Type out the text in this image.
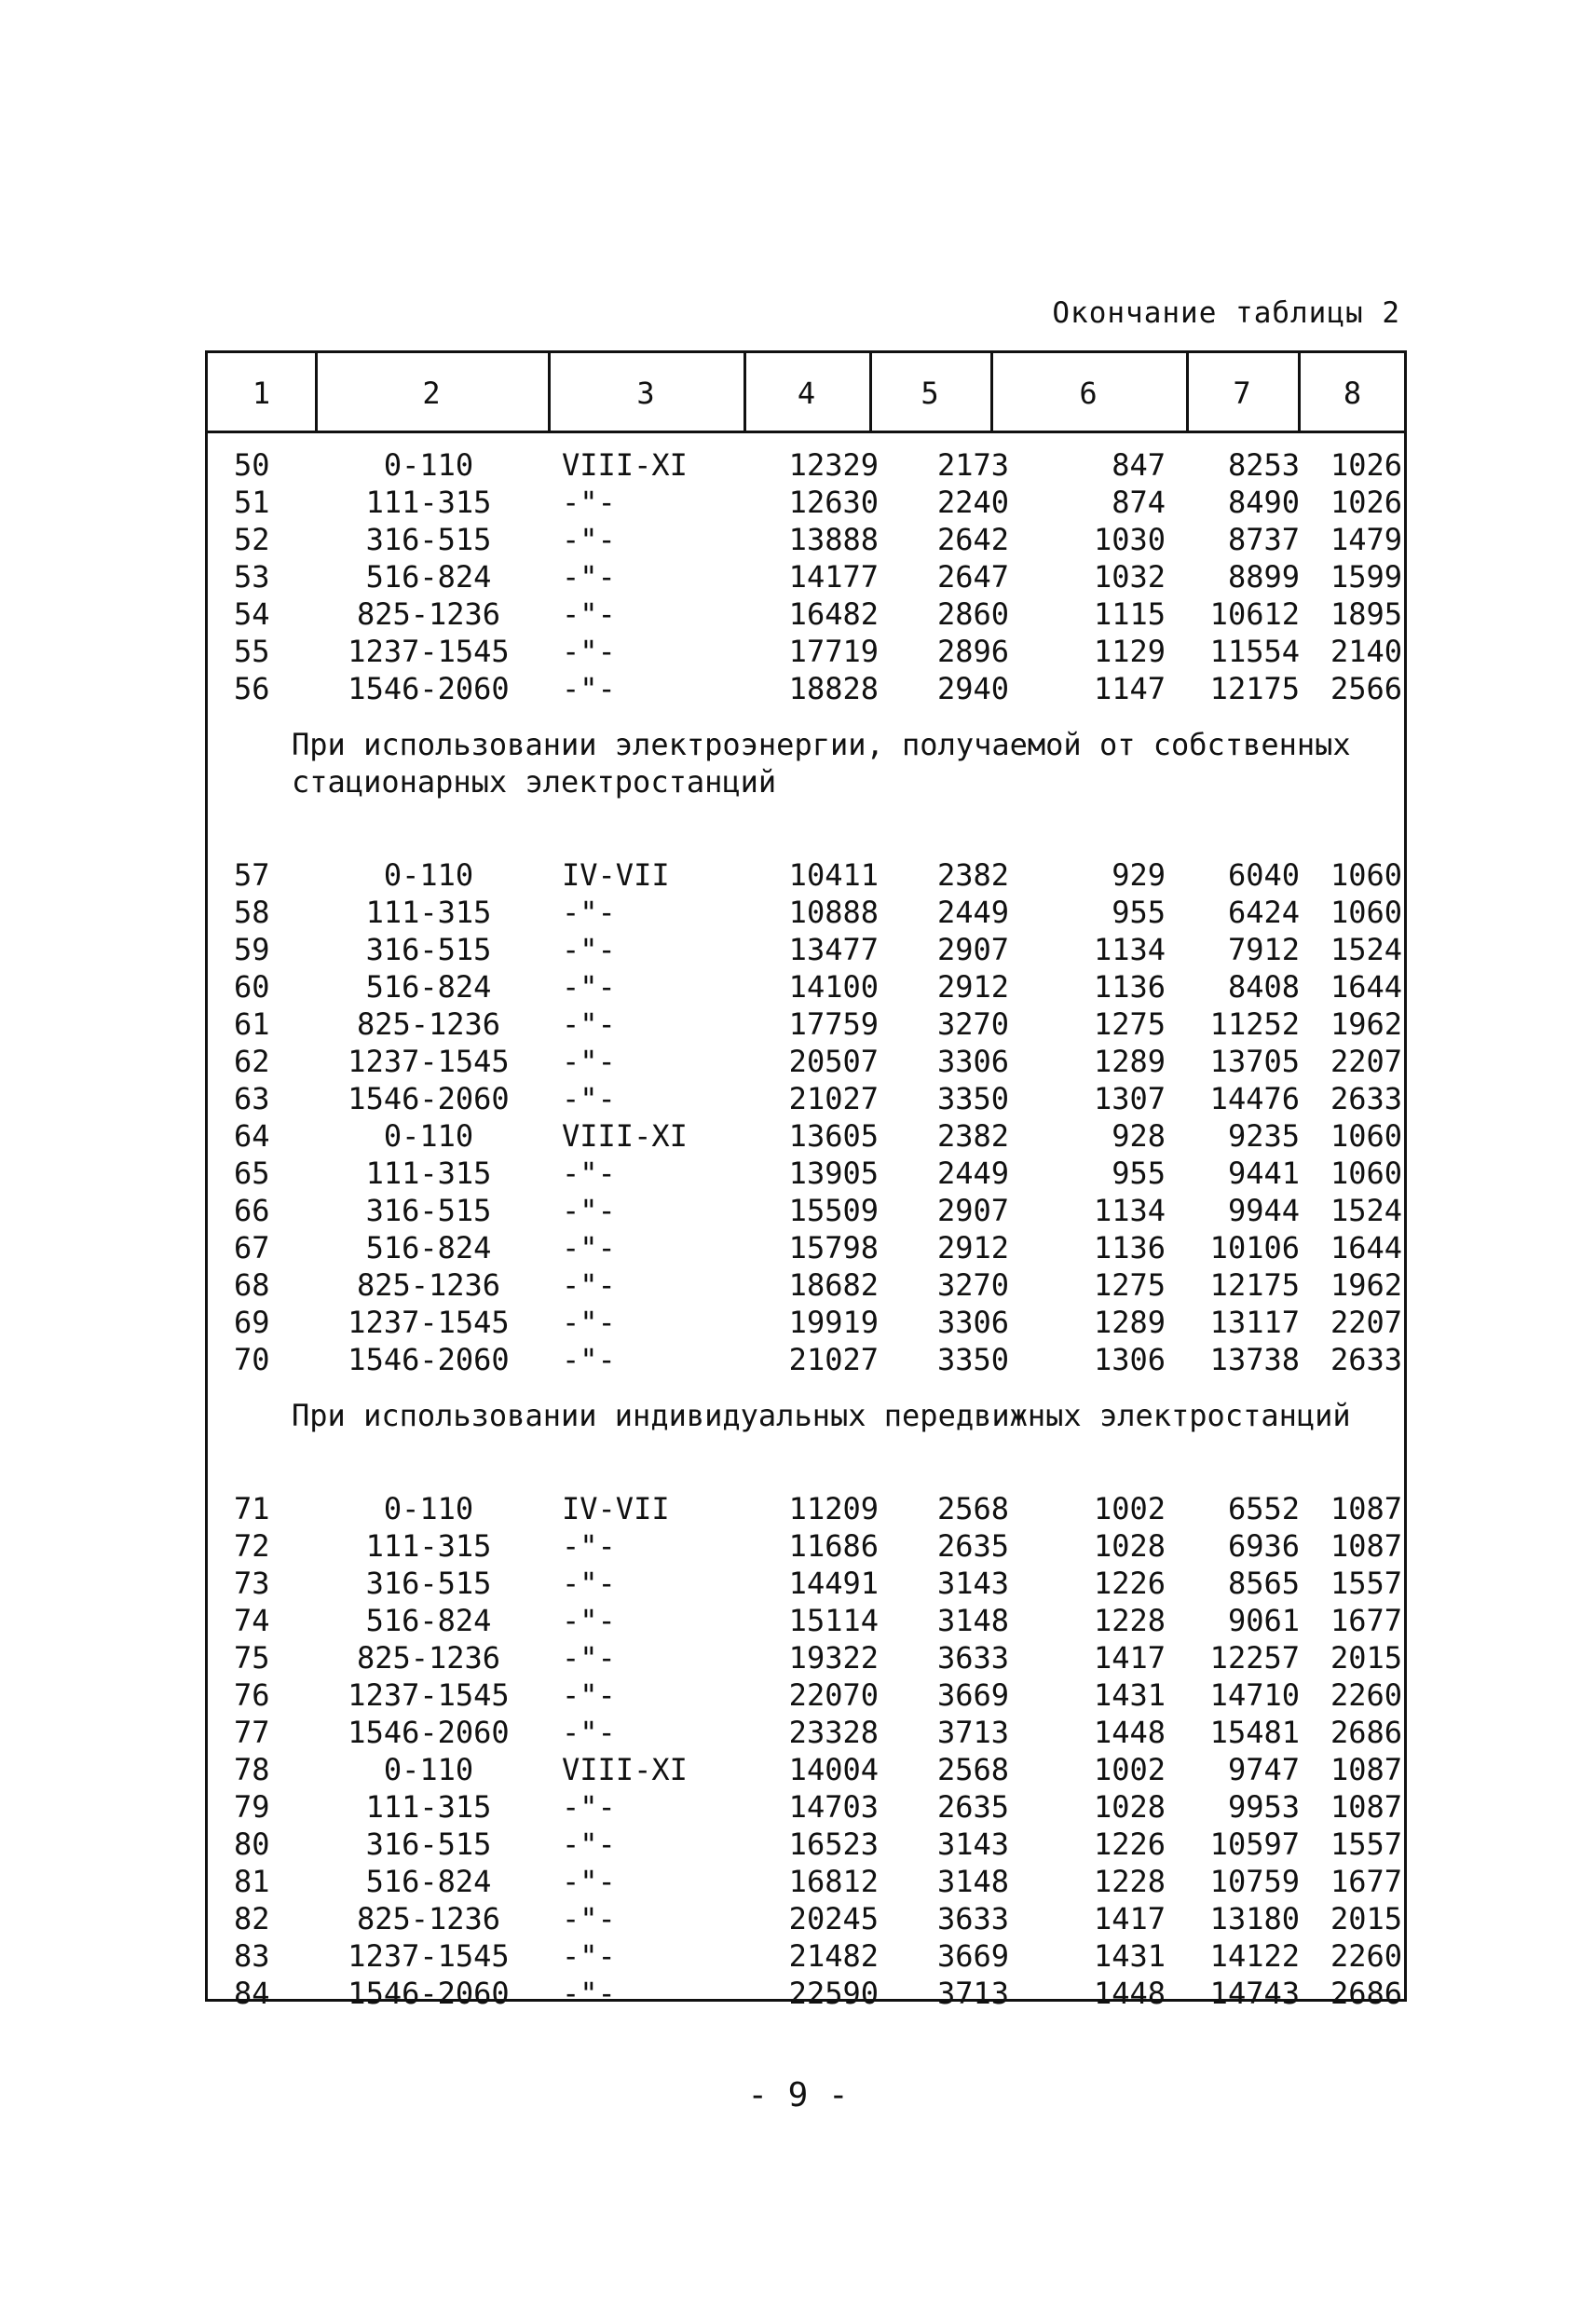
Окончание таблицы 2
1	2	3	4	5	6	7	8
50	0-110	VIII-XI	12329	2173	847	8253	1026
51	111-315	-"-	12630	2240	874	8490	1026
52	316-515	-"-	13888	2642	1030	8737	1479
53	516-824	-"-	14177	2647	1032	8899	1599
54	825-1236	-"-	16482	2860	1115	10612	1895
55	1237-1545	-"-	17719	2896	1129	11554	2140
56	1546-2060	-"-	18828	2940	1147	12175	2566
При использовании электроэнергии, получаемой от собственных стационарных электростанций
57	0-110	IV-VII	10411	2382	929	6040	1060
58	111-315	-"-	10888	2449	955	6424	1060
59	316-515	-"-	13477	2907	1134	7912	1524
60	516-824	-"-	14100	2912	1136	8408	1644
61	825-1236	-"-	17759	3270	1275	11252	1962
62	1237-1545	-"-	20507	3306	1289	13705	2207
63	1546-2060	-"-	21027	3350	1307	14476	2633
64	0-110	VIII-XI	13605	2382	928	9235	1060
65	111-315	-"-	13905	2449	955	9441	1060
66	316-515	-"-	15509	2907	1134	9944	1524
67	516-824	-"-	15798	2912	1136	10106	1644
68	825-1236	-"-	18682	3270	1275	12175	1962
69	1237-1545	-"-	19919	3306	1289	13117	2207
70	1546-2060	-"-	21027	3350	1306	13738	2633
При использовании индивидуальных передвижных электростанций
71	0-110	IV-VII	11209	2568	1002	6552	1087
72	111-315	-"-	11686	2635	1028	6936	1087
73	316-515	-"-	14491	3143	1226	8565	1557
74	516-824	-"-	15114	3148	1228	9061	1677
75	825-1236	-"-	19322	3633	1417	12257	2015
76	1237-1545	-"-	22070	3669	1431	14710	2260
77	1546-2060	-"-	23328	3713	1448	15481	2686
78	0-110	VIII-XI	14004	2568	1002	9747	1087
79	111-315	-"-	14703	2635	1028	9953	1087
80	316-515	-"-	16523	3143	1226	10597	1557
81	516-824	-"-	16812	3148	1228	10759	1677
82	825-1236	-"-	20245	3633	1417	13180	2015
83	1237-1545	-"-	21482	3669	1431	14122	2260
84	1546-2060	-"-	22590	3713	1448	14743	2686
- 9 -
